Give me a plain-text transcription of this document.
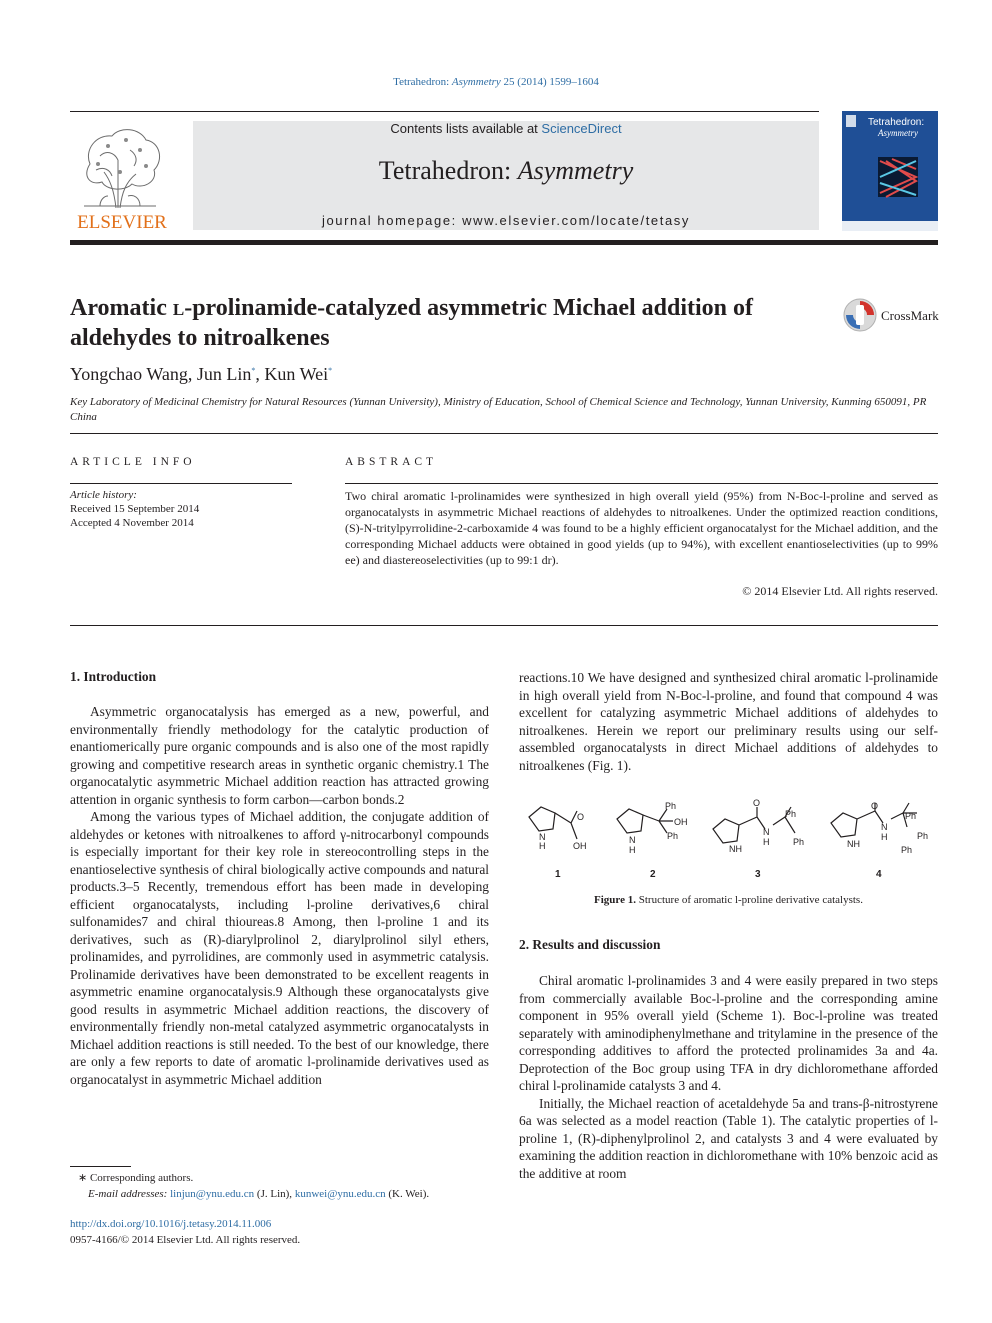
Tetrahedron: Asymmetry 25 (2014) 1599–1604
ELSEVIER
Contents lists available at ScienceDirect
Tetrahedron: Asymmetry
journal homepage: www.elsevier.com/locate/tetasy
Tetrahedron:
Asymmetry
Aromatic l-prolinamide-catalyzed asymmetric Michael addition of aldehydes to nitroalkenes
CrossMark
Yongchao Wang, Jun Lin*, Kun Wei*
Key Laboratory of Medicinal Chemistry for Natural Resources (Yunnan University), Ministry of Education, School of Chemical Science and Technology, Yunnan University, Kunming 650091, PR China
ARTICLE INFO
Article history:
Received 15 September 2014
Accepted 4 November 2014
ABSTRACT
Two chiral aromatic l-prolinamides were synthesized in high overall yield (95%) from N-Boc-l-proline and served as organocatalysts in asymmetric Michael reactions of aldehydes to nitroalkenes. Under the optimized reaction conditions, (S)-N-tritylpyrrolidine-2-carboxamide 4 was found to be a highly efficient organocatalyst for the Michael addition, and the corresponding Michael adducts were obtained in good yields (up to 94%), with excellent enantioselectivities (up to 99% ee) and diastereoselectivities (up to 99:1 dr).
© 2014 Elsevier Ltd. All rights reserved.
1. Introduction

Asymmetric organocatalysis has emerged as a new, powerful, and environmentally friendly methodology for the catalytic production of enantiomerically pure organic compounds and is also one of the most rapidly growing and competitive research areas in synthetic organic chemistry.1 The organocatalytic asymmetric Michael addition reaction has attracted growing attention in organic synthesis to form carbon—carbon bonds.2

Among the various types of Michael addition, the conjugate addition of aldehydes or ketones with nitroalkenes to afford γ-nitrocarbonyl compounds is especially important for their key role in stereocontrolling steps in the enantioselective synthesis of chiral biologically active compounds and natural products.3–5 Recently, tremendous effort has been made in developing efficient organocatalysts, including l-proline derivatives,6 chiral sulfonamides7 and chiral thioureas.8 Among, then l-proline 1 and its derivatives, such as (R)-diarylprolinol 2, diarylprolinol silyl ethers, prolinamides, and pyrrolidines, are commonly used in asymmetric catalysis. Prolinamide derivatives have been demonstrated to be excellent reagents in asymmetric enamine organocatalysis.9 Although these organocatalysts give good results in asymmetric Michael addition reactions, the discovery of environmentally friendly non-metal catalyzed asymmetric organocatalysts in Michael addition reactions is still needed. To the best of our knowledge, there are only a few reports to date of aromatic l-prolinamide derivatives used as organocatalyst in asymmetric Michael addition

reactions.10 We have designed and synthesized chiral aromatic l-prolinamide in high overall yield from N-Boc-l-proline, and found that compound 4 was excellent for catalyzing asymmetric Michael additions of aldehydes to nitroalkenes. Herein we report our preliminary results using our self-assembled organocatalysts in direct Michael additions of aldehydes to nitroalkenes (Fig. 1).

N
H
O
OH
N
H
Ph
OH
Ph
NH
O
N
H
Ph
Ph	NH
O
N
H
Ph
Ph
Ph
1	2	3	4
Figure 1. Structure of aromatic l-proline derivative catalysts.
2. Results and discussion

Chiral aromatic l-prolinamides 3 and 4 were easily prepared in two steps from commercially available Boc-l-proline and the corresponding amine component in 95% overall yield (Scheme 1). Boc-l-proline was treated separately with aminodiphenylmethane and tritylamine in the presence of the corresponding additives to afford the protected prolinamides 3a and 4a. Deprotection of the Boc group using TFA in dry dichloromethane afforded chiral l-prolinamide catalysts 3 and 4.

Initially, the Michael reaction of acetaldehyde 5a and trans-β-nitrostyrene 6a was selected as a model reaction (Table 1). The catalytic properties of l-proline 1, (R)-diphenylprolinol 2, and catalysts 3 and 4 were evaluated by examining the addition reaction in dichloromethane with 10% benzoic acid as the additive at room

∗ Corresponding authors.
E-mail addresses: linjun@ynu.edu.cn (J. Lin), kunwei@ynu.edu.cn (K. Wei).
http://dx.doi.org/10.1016/j.tetasy.2014.11.006
0957-4166/© 2014 Elsevier Ltd. All rights reserved.
